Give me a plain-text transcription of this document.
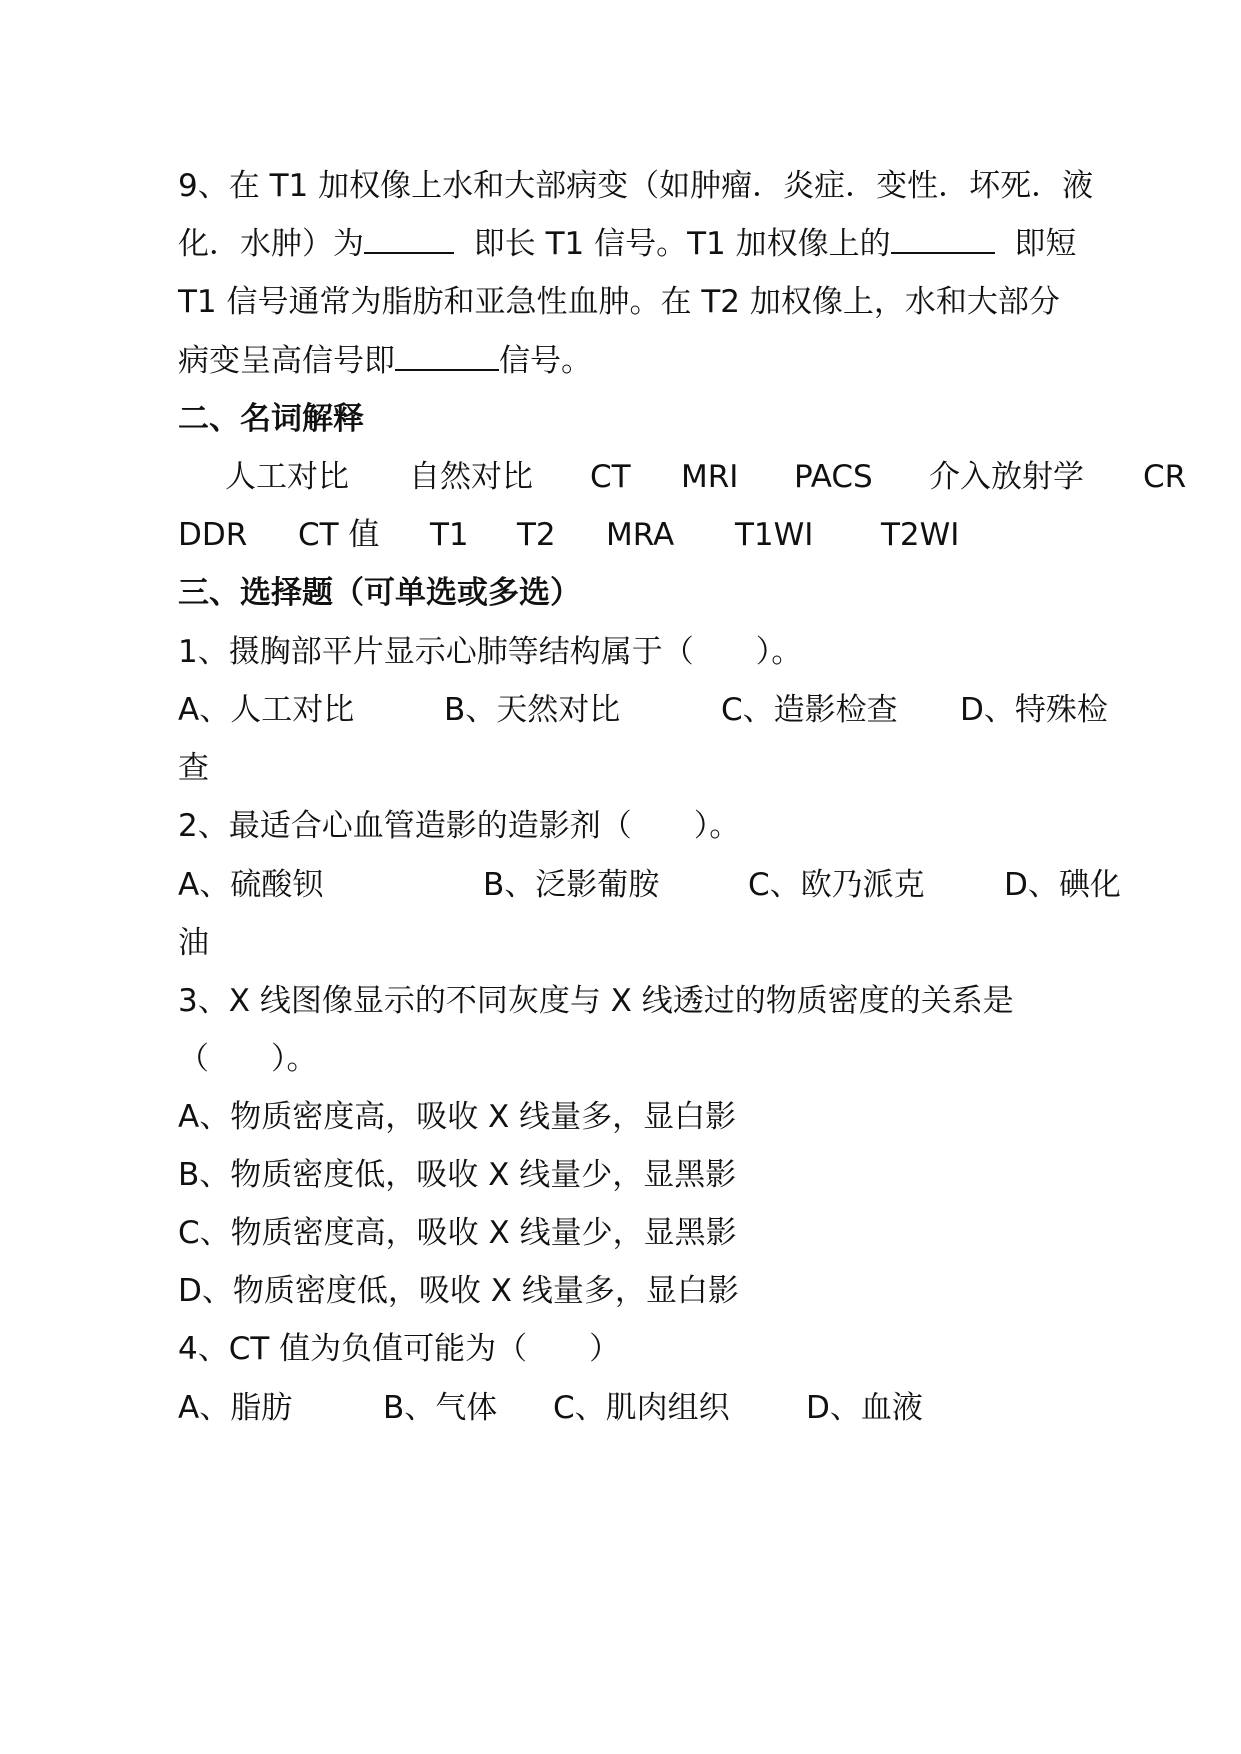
9、在 T1 加权像上水和大部病变（如肿瘤．炎症．变性．坏死．液
化．水肿）为	即长 T1 信号。T1 加权像上的	即短
T1 信号通常为脂肪和亚急性血肿。在 T2 加权像上，水和大部分
病变呈高信号即	信号。
二、名词解释
人工对比 自然对比 CT MRI PACS 介入放射学 CR
DDR CT 值 T1 T2 MRA T1WI T2WI
三、选择题（可单选或多选）
1、摄胸部平片显示心肺等结构属于（　　）。
A、人工对比	B、天然对比	C、造影检查 D、特殊检
查
2、最适合心血管造影的造影剂（　　）。
A、硫酸钡	B、泛影葡胺	C、欧乃派克	D、碘化
油
3、X 线图像显示的不同灰度与 X 线透过的物质密度的关系是
（　　）。
A、物质密度高，吸收 X 线量多，显白影
B、物质密度低，吸收 X 线量少，显黑影
C、物质密度高，吸收 X 线量少，显黑影
D、物质密度低，吸收 X 线量多，显白影
4、CT 值为负值可能为（　　）
A、脂肪	B、气体 C、肌肉组织 D、血液
